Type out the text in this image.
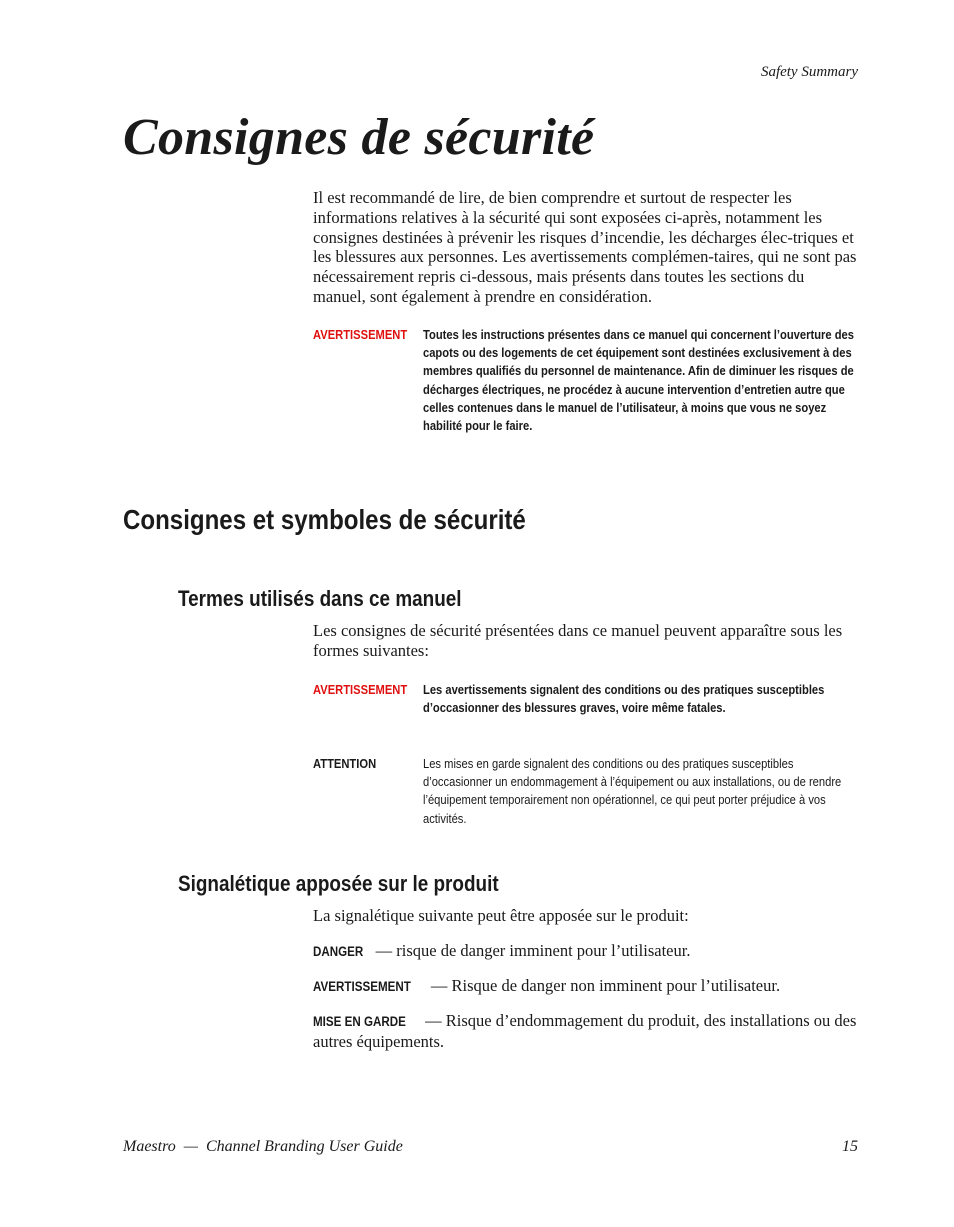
Safety Summary
Consignes de sécurité

Il est recommandé de lire, de bien comprendre et surtout de respecter les informations relatives à la sécurité qui sont exposées ci-après, notamment les consignes destinées à prévenir les risques d’incendie, les décharges élec-triques et les blessures aux personnes. Les avertissements complémen-taires, qui ne sont pas nécessairement repris ci-dessous, mais présents dans toutes les sections du manuel, sont également à prendre en considération.

AVERTISSEMENT Toutes les instructions présentes dans ce manuel qui concernent l’ouverture des capots ou des logements de cet équipement sont destinées exclusivement à des membres qualifiés du personnel de maintenance. Afin de diminuer les risques de décharges électriques, ne procédez à aucune intervention d’entretien autre que celles contenues dans le manuel de l’utilisateur, à moins que vous ne soyez habilité pour le faire.
Consignes et symboles de sécurité
Termes utilisés dans ce manuel

Les consignes de sécurité présentées dans ce manuel peuvent apparaître sous les formes suivantes:

AVERTISSEMENT Les avertissements signalent des conditions ou des pratiques susceptibles d’occasionner des blessures graves, voire même fatales.
ATTENTION	Les mises en garde signalent des conditions ou des pratiques susceptibles d’occasionner un endommagement à l’équipement ou aux installations, ou de rendre l’équipement temporairement non opérationnel, ce qui peut porter préjudice à vos activités.
Signalétique apposée sur le produit

La signalétique suivante peut être apposée sur le produit:

DANGER — risque de danger imminent pour l’utilisateur.

AVERTISSEMENT — Risque de danger non imminent pour l’utilisateur.

MISE EN GARDE — Risque d’endommagement du produit, des installations ou des autres équipements.

Maestro  —  Channel Branding User Guide	15
